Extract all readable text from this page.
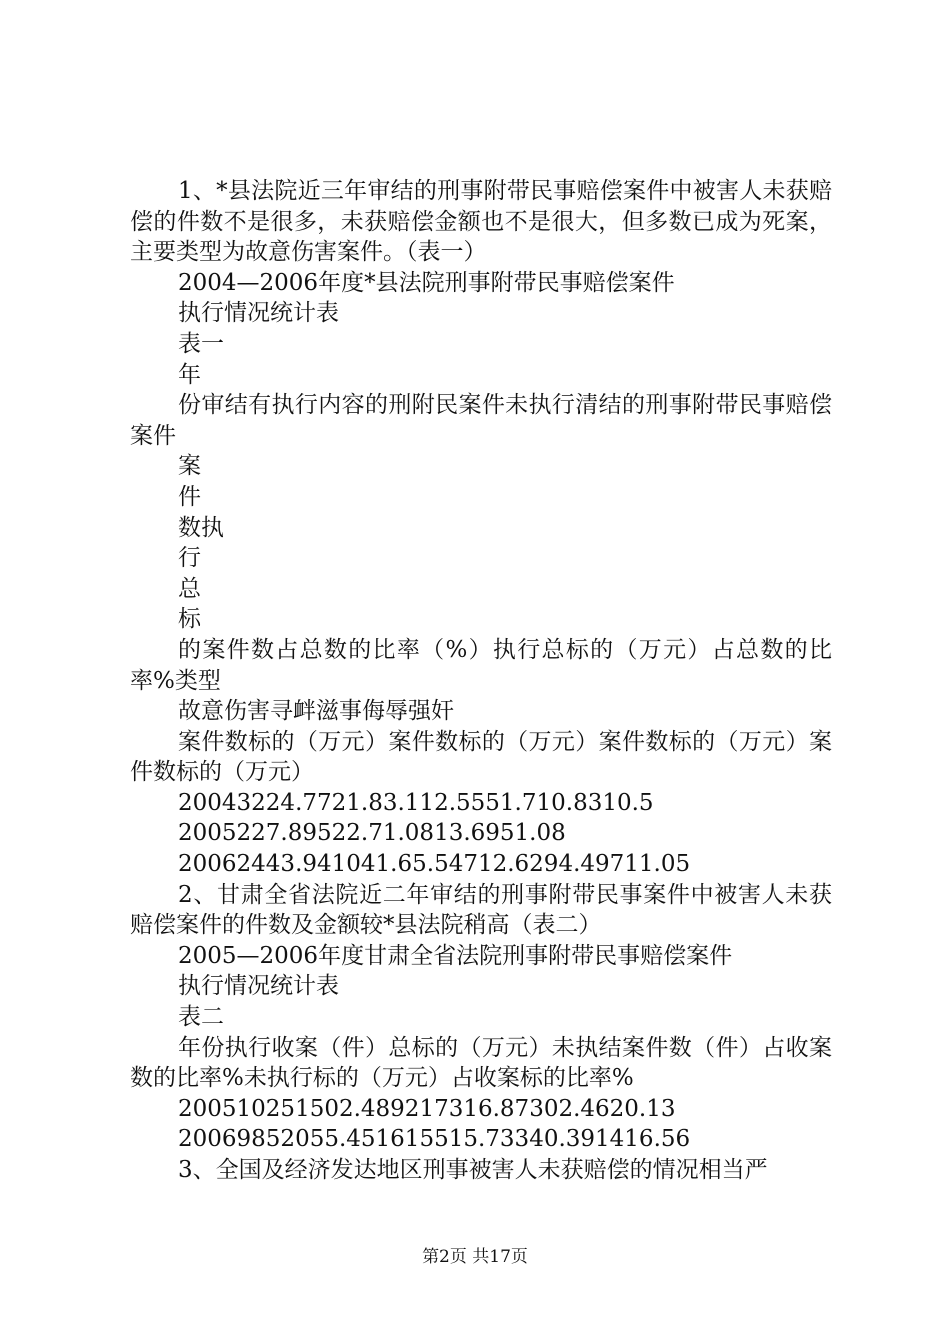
1、*县法院近三年审结的刑事附带民事赔偿案件中被害人未获赔偿的件数不是很多，未获赔偿金额也不是很大，但多数已成为死案，主要类型为故意伤害案件。（表一）

2004—2006年度*县法院刑事附带民事赔偿案件

执行情况统计表

表一

年

份审结有执行内容的刑附民案件未执行清结的刑事附带民事赔偿案件

案

件

数执

行

总

标

的案件数占总数的比率（%）执行总标的（万元）占总数的比率%类型

故意伤害寻衅滋事侮辱强奸

案件数标的（万元）案件数标的（万元）案件数标的（万元）案件数标的（万元）

20043224.7721.83.112.5551.710.8310.5

2005227.89522.71.0813.6951.08

20062443.941041.65.54712.6294.49711.05

2、甘肃全省法院近二年审结的刑事附带民事案件中被害人未获赔偿案件的件数及金额较*县法院稍高（表二）

2005—2006年度甘肃全省法院刑事附带民事赔偿案件

执行情况统计表

表二

年份执行收案（件）总标的（万元）未执结案件数（件）占收案数的比率%未执行标的（万元）占收案标的比率%

200510251502.489217316.87302.4620.13

20069852055.451615515.73340.391416.56

3、全国及经济发达地区刑事被害人未获赔偿的情况相当严

第2页 共17页
